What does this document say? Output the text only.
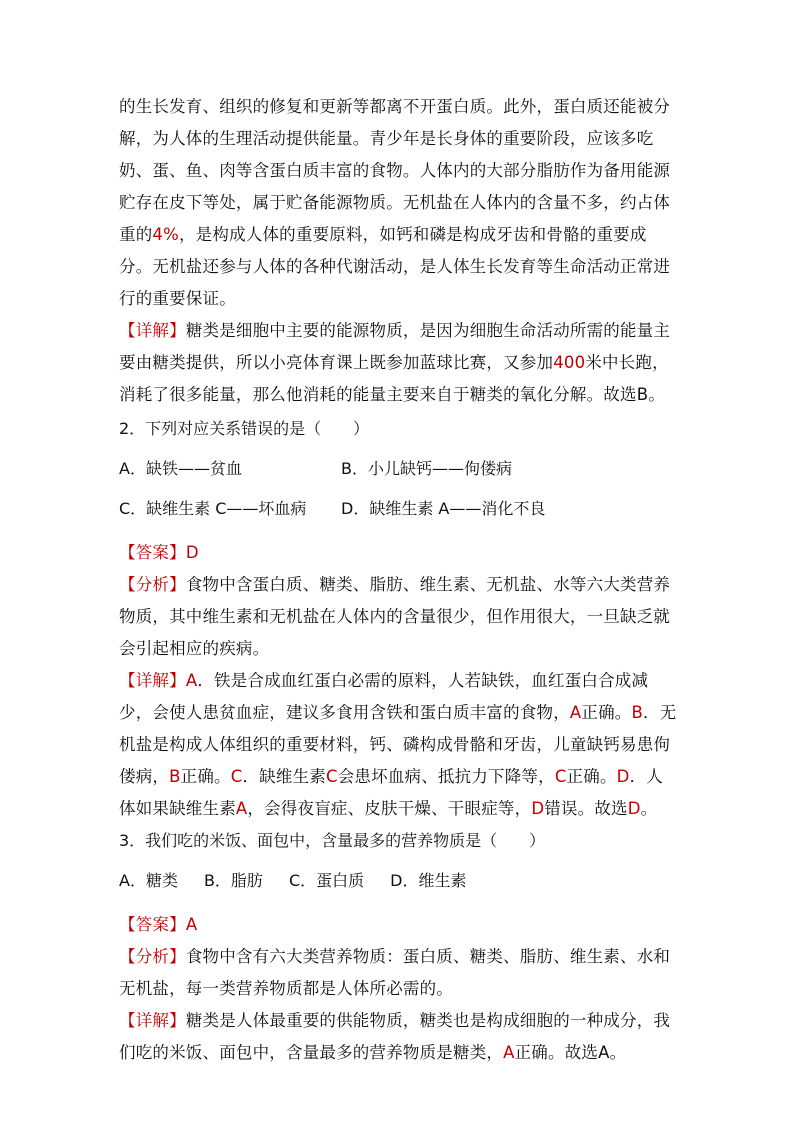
的生长发育、组织的修复和更新等都离不开蛋白质。此外，蛋白质还能被分解，为人体的生理活动提供能量。青少年是长身体的重要阶段，应该多吃奶、蛋、鱼、肉等含蛋白质丰富的食物。人体内的大部分脂肪作为备用能源贮存在皮下等处，属于贮备能源物质。无机盐在人体内的含量不多，约占体重的4%，是构成人体的重要原料，如钙和磷是构成牙齿和骨骼的重要成分。无机盐还参与人体的各种代谢活动，是人体生长发育等生命活动正常进行的重要保证。

【详解】糖类是细胞中主要的能源物质，是因为细胞生命活动所需的能量主要由糖类提供，所以小亮体育课上既参加蓝球比赛，又参加400米中长跑，消耗了很多能量，那么他消耗的能量主要来自于糖类的氧化分解。故选B。

2．下列对应关系错误的是（　　）

A．缺铁——贫血	B．小儿缺钙——佝偻病
C．缺维生素 C——坏血病	D．缺维生素 A——消化不良

【答案】D

【分析】食物中含蛋白质、糖类、脂肪、维生素、无机盐、水等六大类营养物质，其中维生素和无机盐在人体内的含量很少，但作用很大，一旦缺乏就会引起相应的疾病。

【详解】A．铁是合成血红蛋白必需的原料，人若缺铁，血红蛋白合成减少，会使人患贫血症，建议多食用含铁和蛋白质丰富的食物，A正确。B．无机盐是构成人体组织的重要材料，钙、磷构成骨骼和牙齿，儿童缺钙易患佝偻病，B正确。C．缺维生素C会患坏血病、抵抗力下降等，C正确。D．人体如果缺维生素A，会得夜盲症、皮肤干燥、干眼症等，D错误。故选D。

3．我们吃的米饭、面包中，含量最多的营养物质是（　　）

A．糖类 B．脂肪 C．蛋白质 D．维生素

【答案】A

【分析】食物中含有六大类营养物质：蛋白质、糖类、脂肪、维生素、水和无机盐，每一类营养物质都是人体所必需的。

【详解】糖类是人体最重要的供能物质，糖类也是构成细胞的一种成分，我们吃的米饭、面包中，含量最多的营养物质是糖类，A正确。故选A。
